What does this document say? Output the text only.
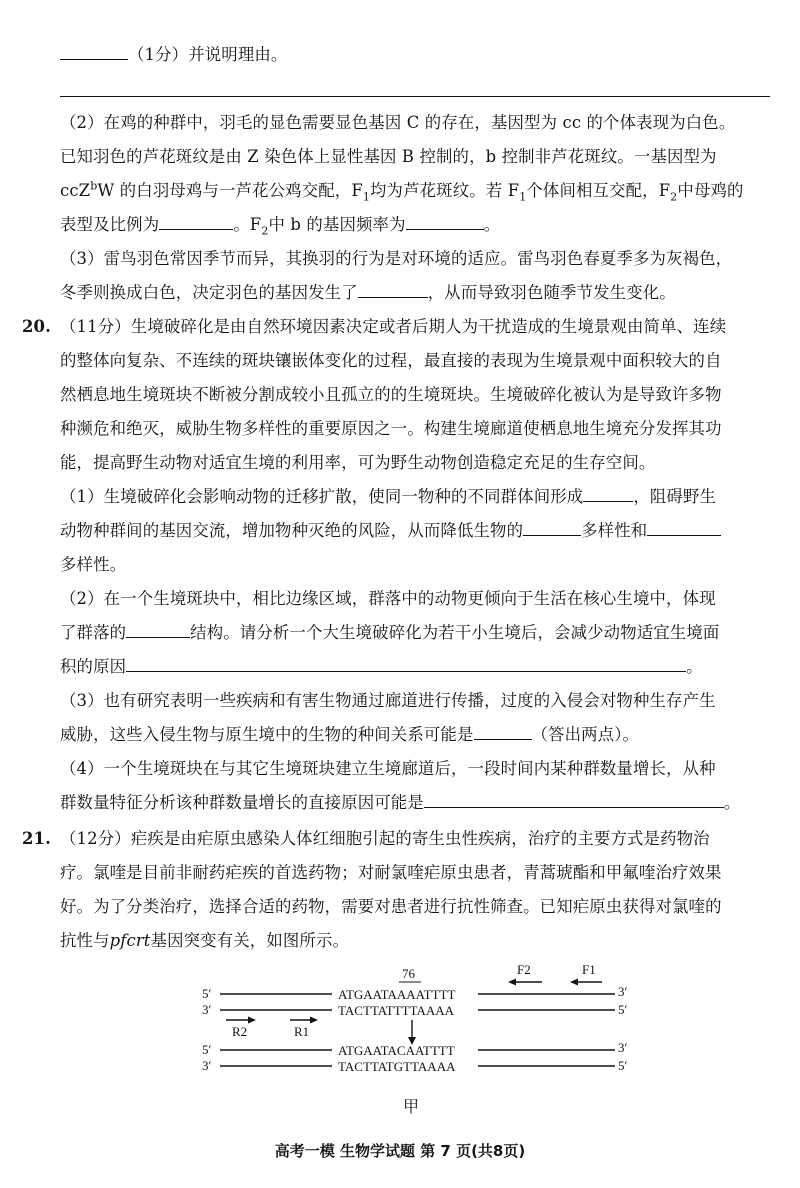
（1分）并说明理由。
（2）在鸡的种群中，羽毛的显色需要显色基因 C 的存在，基因型为 cc 的个体表现为白色。
已知羽色的芦花斑纹是由 Z 染色体上显性基因 B 控制的，b 控制非芦花斑纹。一基因型为
ccZ$^b$W 的白羽母鸡与一芦花公鸡交配，$F_1$均为芦花斑纹。若 $F_1$个体间相互交配，$F_2$中母鸡的
表型及比例为	。$F_2$中 b 的基因频率为	。
（3）雷鸟羽色常因季节而异，其换羽的行为是对环境的适应。雷鸟羽色春夏季多为灰褐色，
冬季则换成白色，决定羽色的基因发生了	，从而导致羽色随季节发生变化。
20. （11分）生境破碎化是由自然环境因素决定或者后期人为干扰造成的生境景观由简单、连续
的整体向复杂、不连续的斑块镶嵌体变化的过程，最直接的表现为生境景观中面积较大的自
然栖息地生境斑块不断被分割成较小且孤立的的生境斑块。生境破碎化被认为是导致许多物
种濒危和绝灭，威胁生物多样性的重要原因之一。构建生境廊道使栖息地生境充分发挥其功
能，提高野生动物对适宜生境的利用率，可为野生动物创造稳定充足的生存空间。
（1）生境破碎化会影响动物的迁移扩散，使同一物种的不同群体间形成	，阻碍野生
动物种群间的基因交流，增加物种灭绝的风险，从而降低生物的	多样性和
多样性。
（2）在一个生境斑块中，相比边缘区域，群落中的动物更倾向于生活在核心生境中，体现
了群落的	结构。请分析一个大生境破碎化为若干小生境后，会减少动物适宜生境面
积的原因	。
（3）也有研究表明一些疾病和有害生物通过廊道进行传播，过度的入侵会对物种生存产生
威胁，这些入侵生物与原生境中的生物的种间关系可能是	（答出两点）。
（4）一个生境斑块在与其它生境斑块建立生境廊道后，一段时间内某种群数量增长，从种
群数量特征分析该种群数量增长的直接原因可能是	。
21. （12分）疟疾是由疟原虫感染人体红细胞引起的寄生虫性疾病，治疗的主要方式是药物治
疗。氯喹是目前非耐药疟疾的首选药物；对耐氯喹疟原虫患者，青蒿琥酯和甲氟喹治疗效果
好。为了分类治疗，选择合适的药物，需要对患者进行抗性筛查。已知疟原虫获得对氯喹的
抗性与pfcrt基因突变有关，如图所示。
76	F2	F1
5′	ATGAATAAAATTTT	3′
3′	TACTTATTTTAAAA	5′
R2	R1
5′	ATGAATACAATTTT	3′
3′	TACTTATGTTAAAA	5′
甲
高考一模 生物学试题 第 7 页(共8页)
